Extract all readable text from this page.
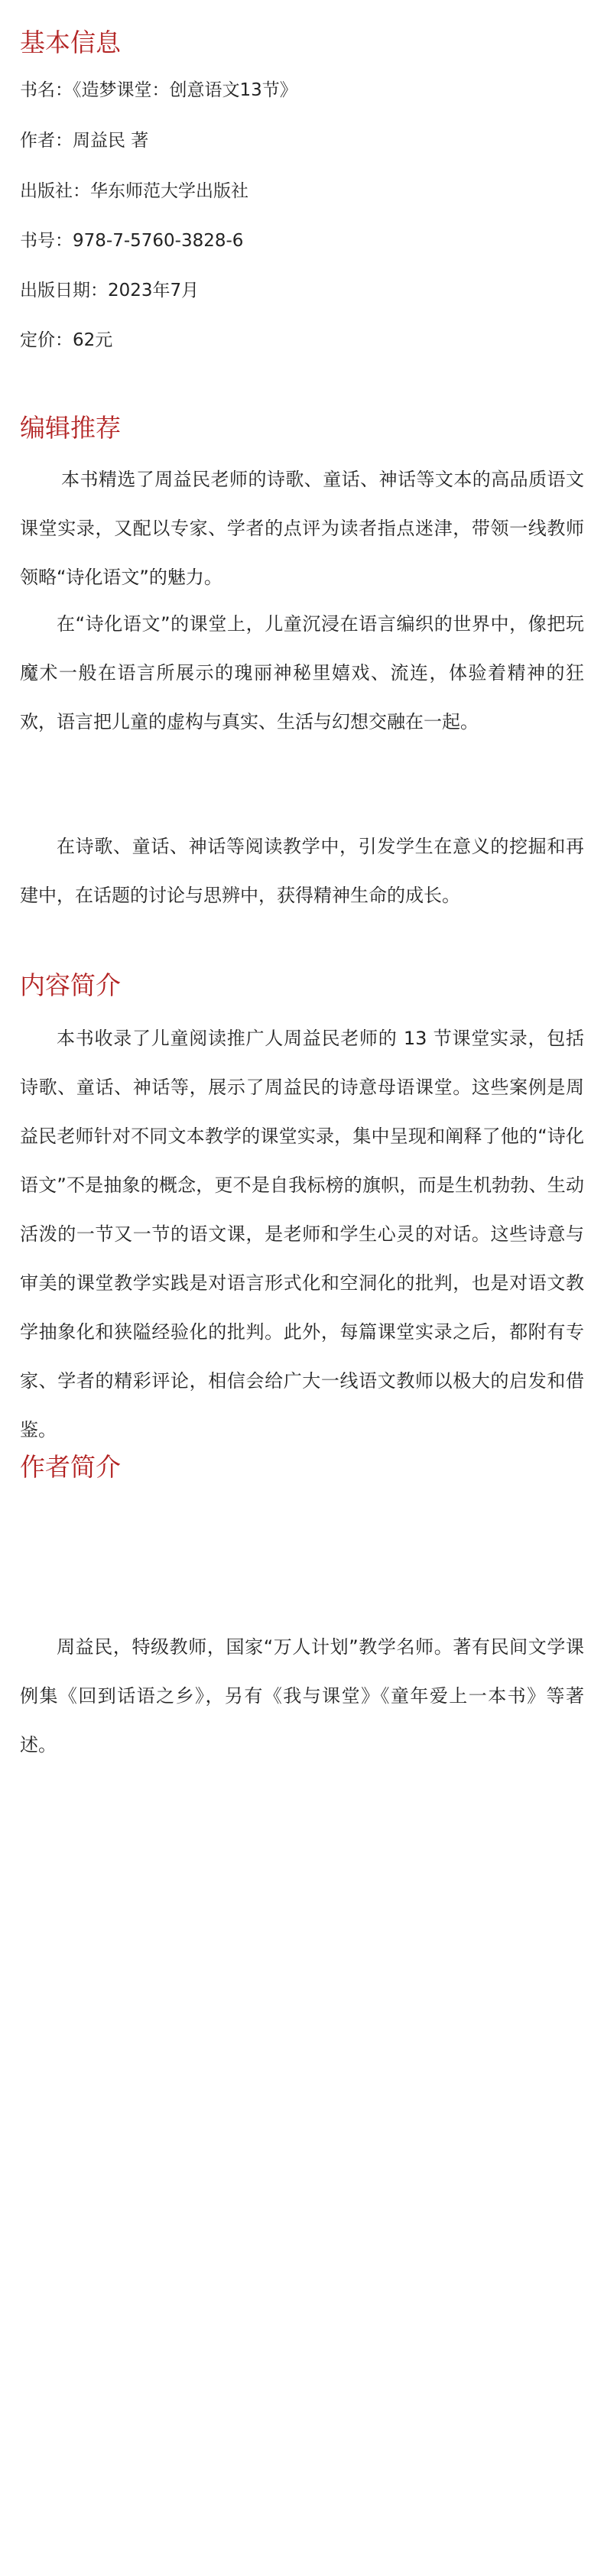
基本信息

书名：《造梦课堂：创意语文13节》

作者：周益民 著

出版社：华东师范大学出版社

书号：978-7-5760-3828-6

出版日期：2023年7月

定价：62元

编辑推荐

本书精选了周益民老师的诗歌、童话、神话等文本的高品质语文课堂实录，又配以专家、学者的点评为读者指点迷津，带领一线教师领略“诗化语文”的魅力。

在“诗化语文”的课堂上，儿童沉浸在语言编织的世界中，像把玩魔术一般在语言所展示的瑰丽神秘里嬉戏、流连，体验着精神的狂欢，语言把儿童的虚构与真实、生活与幻想交融在一起。

在诗歌、童话、神话等阅读教学中，引发学生在意义的挖掘和再建中，在话题的讨论与思辨中，获得精神生命的成长。

内容简介

本书收录了儿童阅读推广人周益民老师的 13 节课堂实录，包括诗歌、童话、神话等，展示了周益民的诗意母语课堂。这些案例是周益民老师针对不同文本教学的课堂实录，集中呈现和阐释了他的“诗化语文”不是抽象的概念，更不是自我标榜的旗帜，而是生机勃勃、生动活泼的一节又一节的语文课，是老师和学生心灵的对话。这些诗意与审美的课堂教学实践是对语言形式化和空洞化的批判，也是对语文教学抽象化和狭隘经验化的批判。此外，每篇课堂实录之后，都附有专家、学者的精彩评论，相信会给广大一线语文教师以极大的启发和借鉴。

作者简介

周益民，特级教师，国家“万人计划”教学名师。著有民间文学课例集《回到话语之乡》，另有《我与课堂》《童年爱上一本书》等著述。
